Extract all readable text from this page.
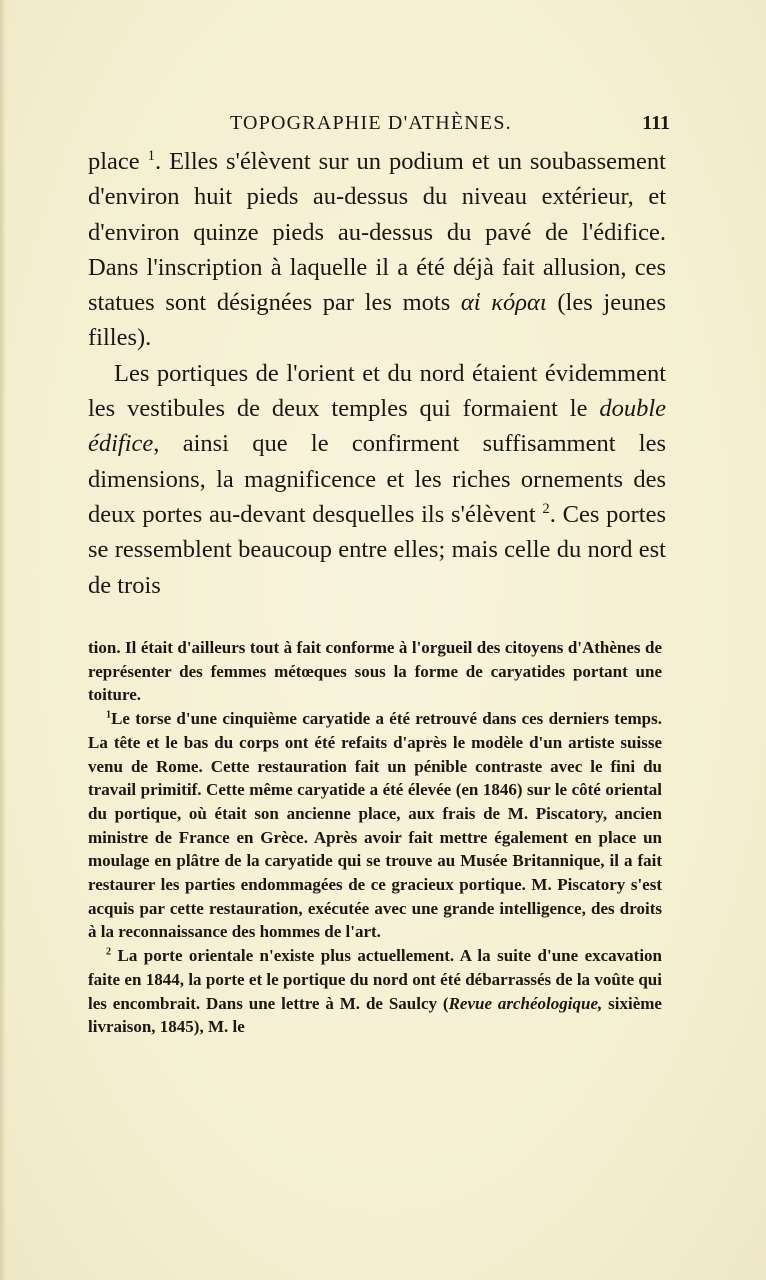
TOPOGRAPHIE D'ATHÈNES.	111

place $^1$. Elles s'élèvent sur un podium et un soubassement d'environ huit pieds au-dessus du niveau extérieur, et d'environ quinze pieds au-dessus du pavé de l'édifice. Dans l'inscription à laquelle il a été déjà fait allusion, ces statues sont désignées par les mots αἱ κόραι (les jeunes filles).

Les portiques de l'orient et du nord étaient évidemment les vestibules de deux temples qui formaient le double édifice, ainsi que le confirment suffisamment les dimensions, la magnificence et les riches ornements des deux portes au-devant desquelles ils s'élèvent $^2$. Ces portes se ressemblent beaucoup entre elles; mais celle du nord est de trois

tion. Il était d'ailleurs tout à fait conforme à l'orgueil des citoyens d'Athènes de représenter des femmes métœques sous la forme de caryatides portant une toiture.

$^1$Le torse d'une cinquième caryatide a été retrouvé dans ces derniers temps. La tête et le bas du corps ont été refaits d'après le modèle d'un artiste suisse venu de Rome. Cette restauration fait un pénible contraste avec le fini du travail primitif. Cette même caryatide a été élevée (en 1846) sur le côté oriental du portique, où était son ancienne place, aux frais de M. Piscatory, ancien ministre de France en Grèce. Après avoir fait mettre également en place un moulage en plâtre de la caryatide qui se trouve au Musée Britannique, il a fait restaurer les parties endommagées de ce gracieux portique. M. Piscatory s'est acquis par cette restauration, exécutée avec une grande intelligence, des droits à la reconnaissance des hommes de l'art.

$^2$ La porte orientale n'existe plus actuellement. A la suite d'une excavation faite en 1844, la porte et le portique du nord ont été débarrassés de la voûte qui les encombrait. Dans une lettre à M. de Saulcy (Revue archéologique, sixième livraison, 1845), M. le
